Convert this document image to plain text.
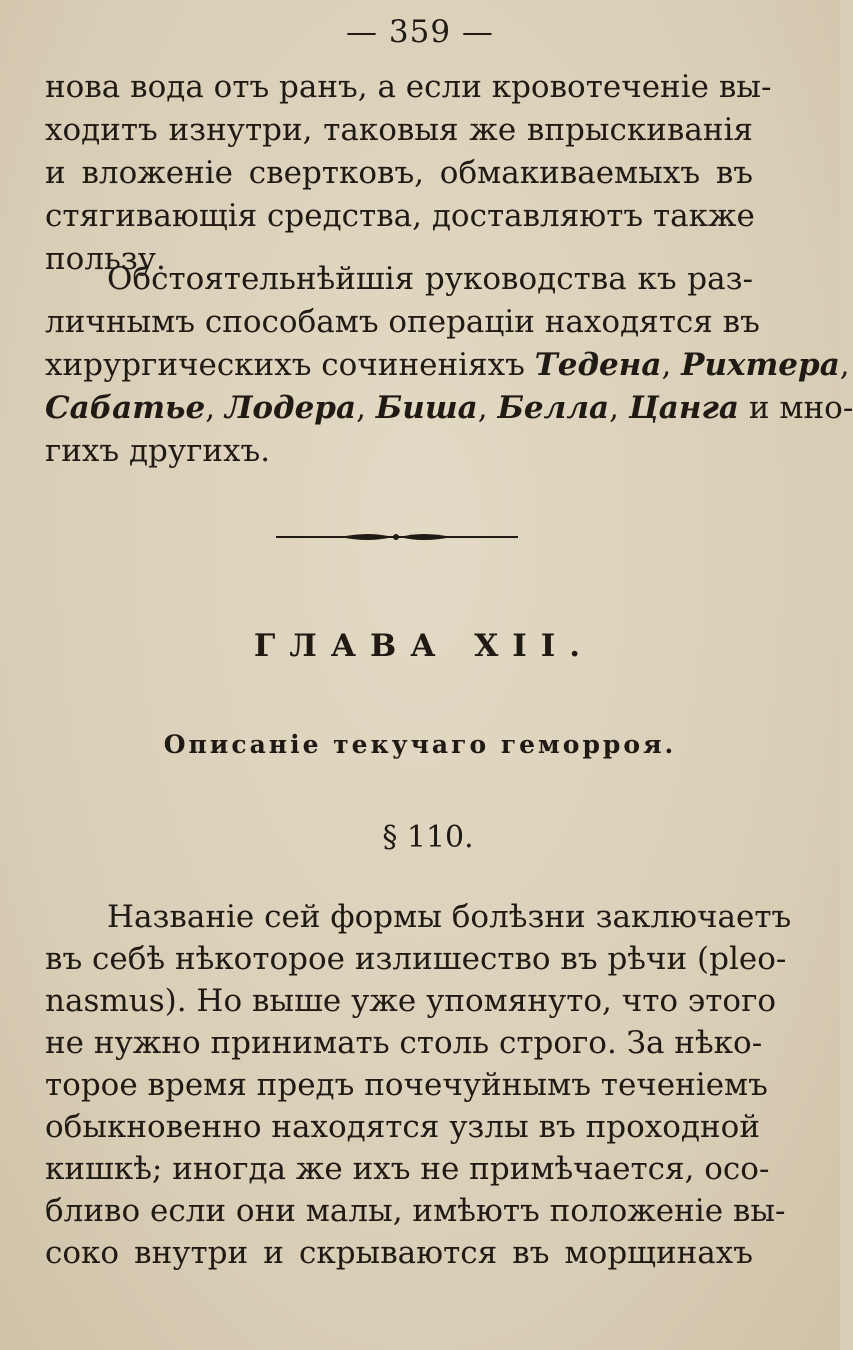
— 359 —
нова вода отъ ранъ, а если кровотеченіе вы-
ходитъ изнутри, таковыя же впрыскиванія
и вложеніе свертковъ, обмакиваемыхъ въ
стягивающія средства, доставляютъ также
пользу.
Обстоятельнѣйшія руководства къ раз-
личнымъ способамъ операціи находятся въ
хирургическихъ сочиненіяхъ Тедена, Рихтера,
Сабатье, Лодера, Биша, Белла, Цанга и мно-
гихъ другихъ.
ГЛАВА XII.
Описаніе текучаго геморроя.
§ 110.
Названіе сей формы болѣзни заключаетъ
въ себѣ нѣкоторое излишество въ рѣчи (pleo-
nasmus). Но выше уже упомянуто, что этого
не нужно принимать столь строго. За нѣко-
торое время предъ почечуйнымъ теченіемъ
обыкновенно находятся узлы въ проходной
кишкѣ; иногда же ихъ не примѣчается, осо-
бливо если они малы, имѣютъ положеніе вы-
соко внутри и скрываются въ морщинахъ
